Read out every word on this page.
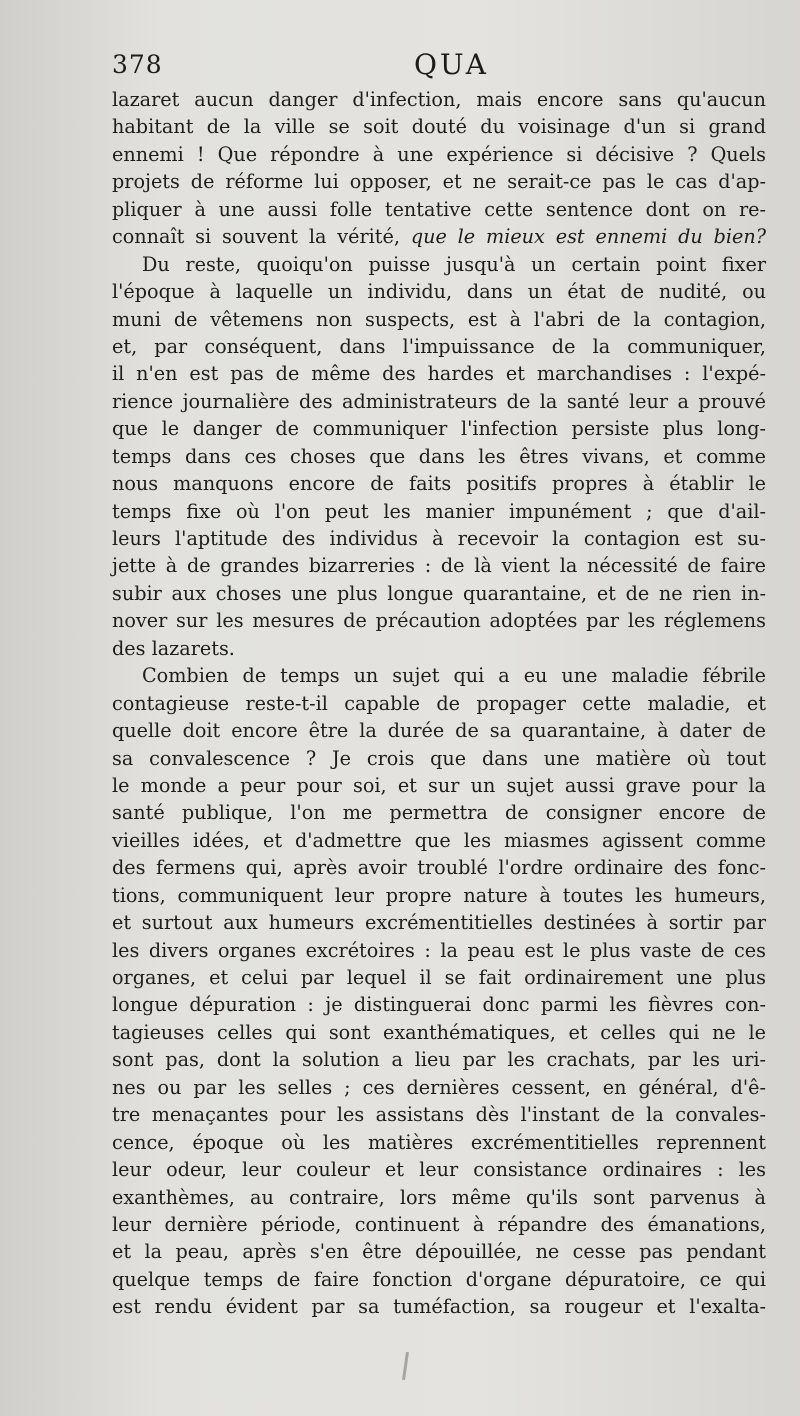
378	QUA
lazaret aucun danger d'infection, mais encore sans qu'aucun
habitant de la ville se soit douté du voisinage d'un si grand
ennemi ! Que répondre à une expérience si décisive ? Quels
projets de réforme lui opposer, et ne serait-ce pas le cas d'ap-
pliquer à une aussi folle tentative cette sentence dont on re-
connaît si souvent la vérité, que le mieux est ennemi du bien?
Du reste, quoiqu'on puisse jusqu'à un certain point fixer
l'époque à laquelle un individu, dans un état de nudité, ou
muni de vêtemens non suspects, est à l'abri de la contagion,
et, par conséquent, dans l'impuissance de la communiquer,
il n'en est pas de même des hardes et marchandises : l'expé-
rience journalière des administrateurs de la santé leur a prouvé
que le danger de communiquer l'infection persiste plus long-
temps dans ces choses que dans les êtres vivans, et comme
nous manquons encore de faits positifs propres à établir le
temps fixe où l'on peut les manier impunément ; que d'ail-
leurs l'aptitude des individus à recevoir la contagion est su-
jette à de grandes bizarreries : de là vient la nécessité de faire
subir aux choses une plus longue quarantaine, et de ne rien in-
nover sur les mesures de précaution adoptées par les réglemens
des lazarets.
Combien de temps un sujet qui a eu une maladie fébrile
contagieuse reste-t-il capable de propager cette maladie, et
quelle doit encore être la durée de sa quarantaine, à dater de
sa convalescence ? Je crois que dans une matière où tout
le monde a peur pour soi, et sur un sujet aussi grave pour la
santé publique, l'on me permettra de consigner encore de
vieilles idées, et d'admettre que les miasmes agissent comme
des fermens qui, après avoir troublé l'ordre ordinaire des fonc-
tions, communiquent leur propre nature à toutes les humeurs,
et surtout aux humeurs excrémentitielles destinées à sortir par
les divers organes excrétoires : la peau est le plus vaste de ces
organes, et celui par lequel il se fait ordinairement une plus
longue dépuration : je distinguerai donc parmi les fièvres con-
tagieuses celles qui sont exanthématiques, et celles qui ne le
sont pas, dont la solution a lieu par les crachats, par les uri-
nes ou par les selles ; ces dernières cessent, en général, d'ê-
tre menaçantes pour les assistans dès l'instant de la convales-
cence, époque où les matières excrémentitielles reprennent
leur odeur, leur couleur et leur consistance ordinaires : les
exanthèmes, au contraire, lors même qu'ils sont parvenus à
leur dernière période, continuent à répandre des émanations,
et la peau, après s'en être dépouillée, ne cesse pas pendant
quelque temps de faire fonction d'organe dépuratoire, ce qui
est rendu évident par sa tuméfaction, sa rougeur et l'exalta-
